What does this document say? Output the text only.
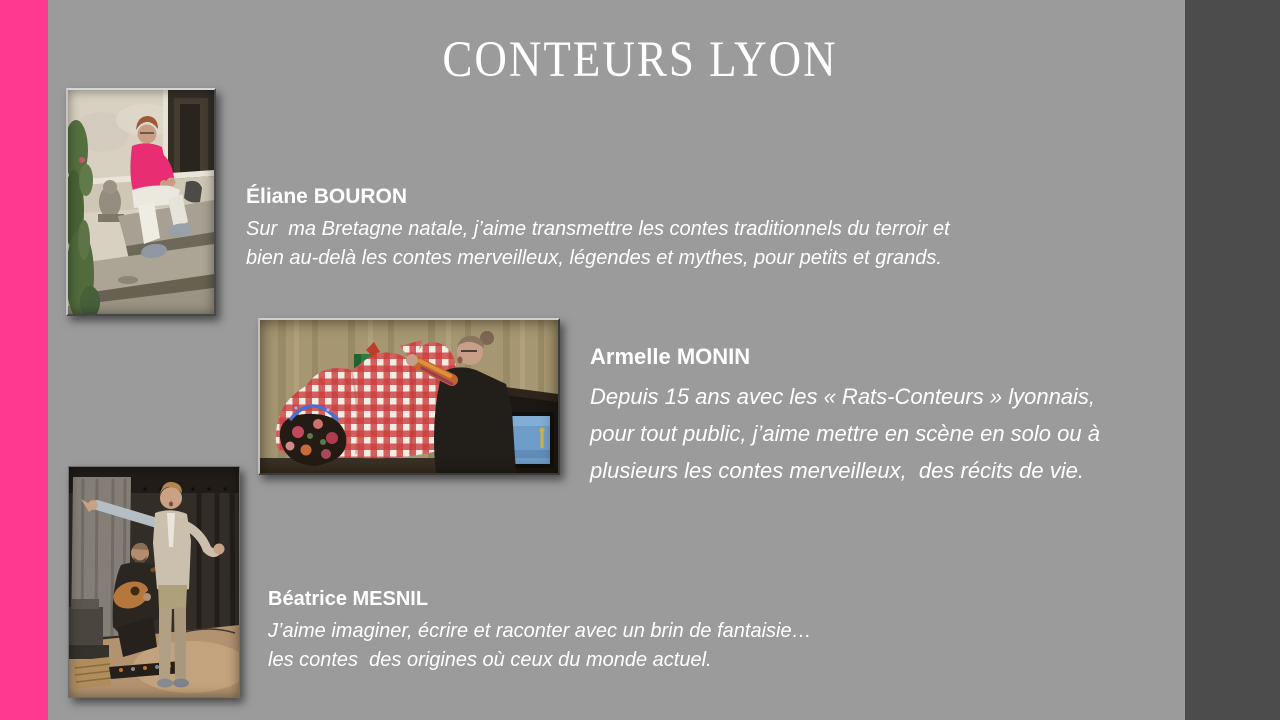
CONTEURS LYON
Éliane BOURON
Sur  ma Bretagne natale, j’aime transmettre les contes traditionnels du terroir et
bien au-delà les contes merveilleux, légendes et mythes, pour petits et grands.
Armelle MONIN
Depuis 15 ans avec les « Rats-Conteurs » lyonnais,
pour tout public, j’aime mettre en scène en solo ou à
plusieurs les contes merveilleux,  des récits de vie.
Béatrice MESNIL
J’aime imaginer, écrire et raconter avec un brin de fantaisie…
les contes  des origines où ceux du monde actuel.
